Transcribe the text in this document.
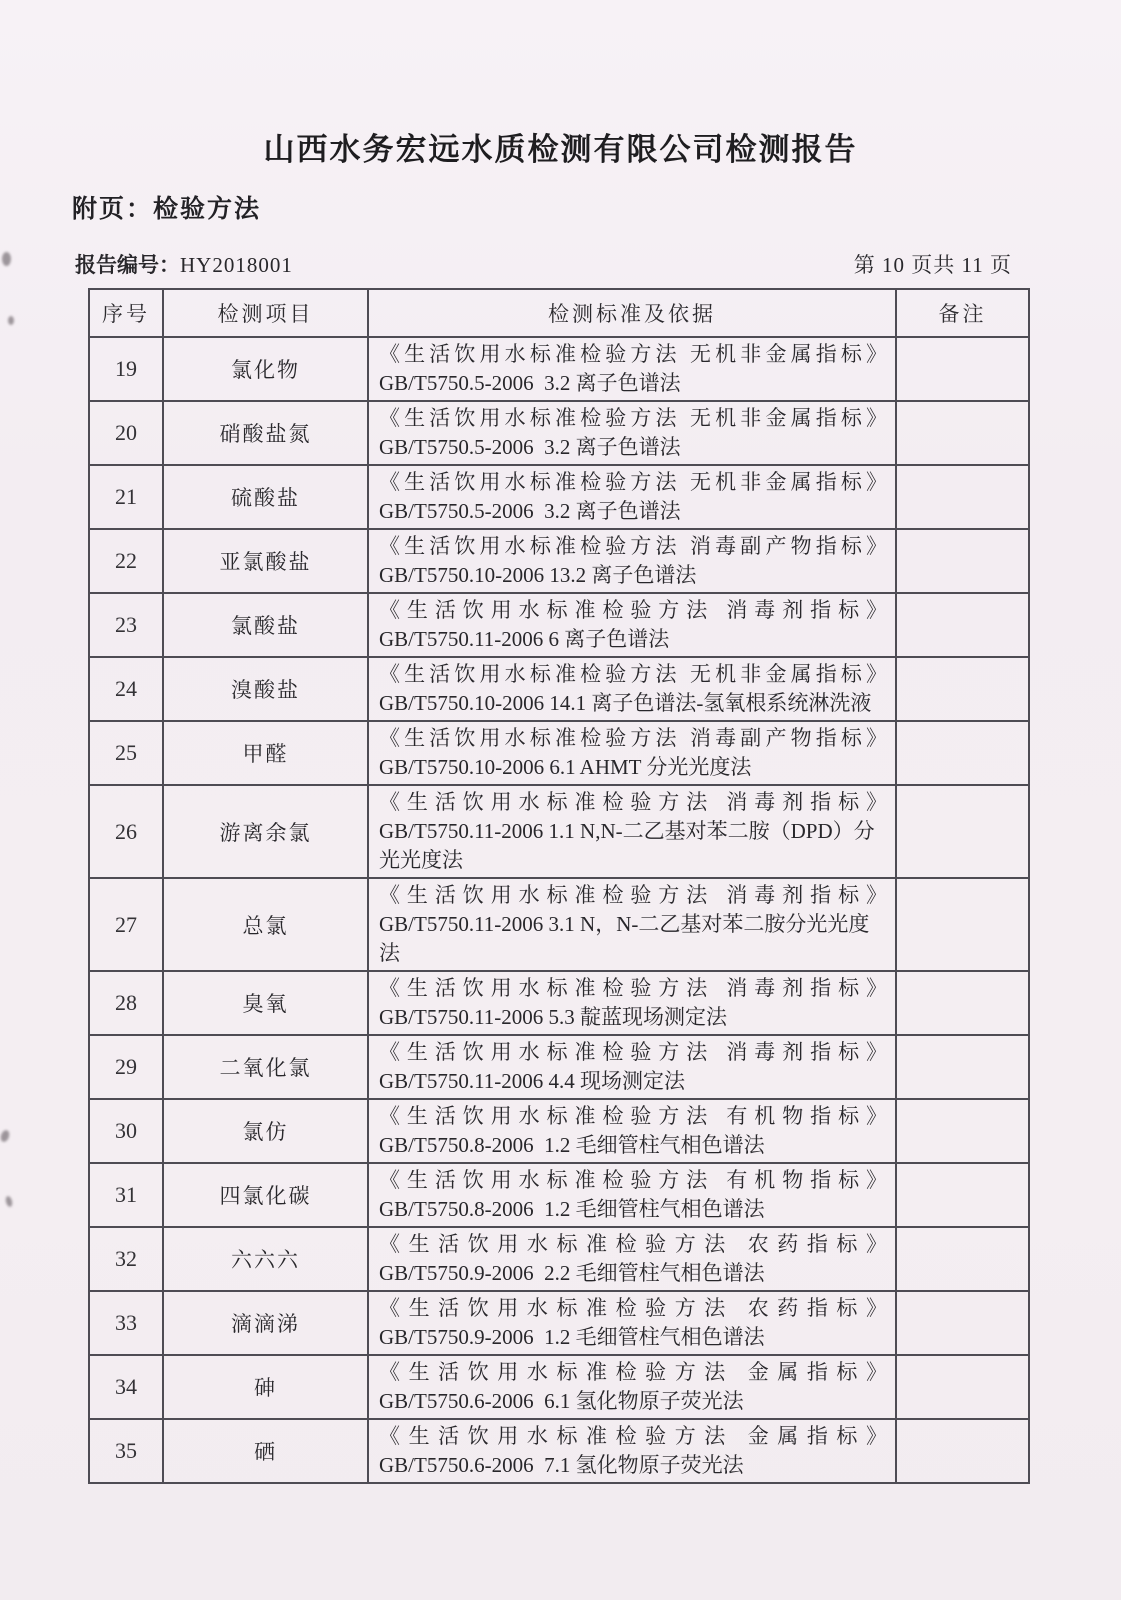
山西水务宏远水质检测有限公司检测报告
附页：检验方法
报告编号：HY2018001	第 10 页共 11 页
序号	检测项目	检测标准及依据	备注
19	氯化物	《生活饮用水标准检验方法 无机非金属指标》
GB/T5750.5-2006  3.2 离子色谱法	

20	硝酸盐氮	《生活饮用水标准检验方法 无机非金属指标》
GB/T5750.5-2006  3.2 离子色谱法	

21	硫酸盐	《生活饮用水标准检验方法 无机非金属指标》
GB/T5750.5-2006  3.2 离子色谱法	

22	亚氯酸盐	《生活饮用水标准检验方法 消毒副产物指标》
GB/T5750.10-2006 13.2 离子色谱法	

23	氯酸盐	《生活饮用水标准检验方法 消毒剂指标》
GB/T5750.11-2006 6 离子色谱法	

24	溴酸盐	《生活饮用水标准检验方法 无机非金属指标》
GB/T5750.10-2006 14.1 离子色谱法-氢氧根系统淋洗液	

25	甲醛	《生活饮用水标准检验方法 消毒副产物指标》
GB/T5750.10-2006 6.1 AHMT 分光光度法	

26	游离余氯	《生活饮用水标准检验方法 消毒剂指标》
GB/T5750.11-2006 1.1 N,N-二乙基对苯二胺（DPD）分光光度法	

27	总氯	《生活饮用水标准检验方法 消毒剂指标》
GB/T5750.11-2006 3.1 N，N-二乙基对苯二胺分光光度法	

28	臭氧	《生活饮用水标准检验方法 消毒剂指标》
GB/T5750.11-2006 5.3 靛蓝现场测定法	

29	二氧化氯	《生活饮用水标准检验方法 消毒剂指标》
GB/T5750.11-2006 4.4 现场测定法	

30	氯仿	《生活饮用水标准检验方法 有机物指标》
GB/T5750.8-2006  1.2 毛细管柱气相色谱法	

31	四氯化碳	《生活饮用水标准检验方法 有机物指标》
GB/T5750.8-2006  1.2 毛细管柱气相色谱法	

32	六六六	《生活饮用水标准检验方法 农药指标》
GB/T5750.9-2006  2.2 毛细管柱气相色谱法	

33	滴滴涕	《生活饮用水标准检验方法 农药指标》
GB/T5750.9-2006  1.2 毛细管柱气相色谱法	

34	砷	《生活饮用水标准检验方法 金属指标》
GB/T5750.6-2006  6.1 氢化物原子荧光法	

35	硒	《生活饮用水标准检验方法 金属指标》
GB/T5750.6-2006  7.1 氢化物原子荧光法	
